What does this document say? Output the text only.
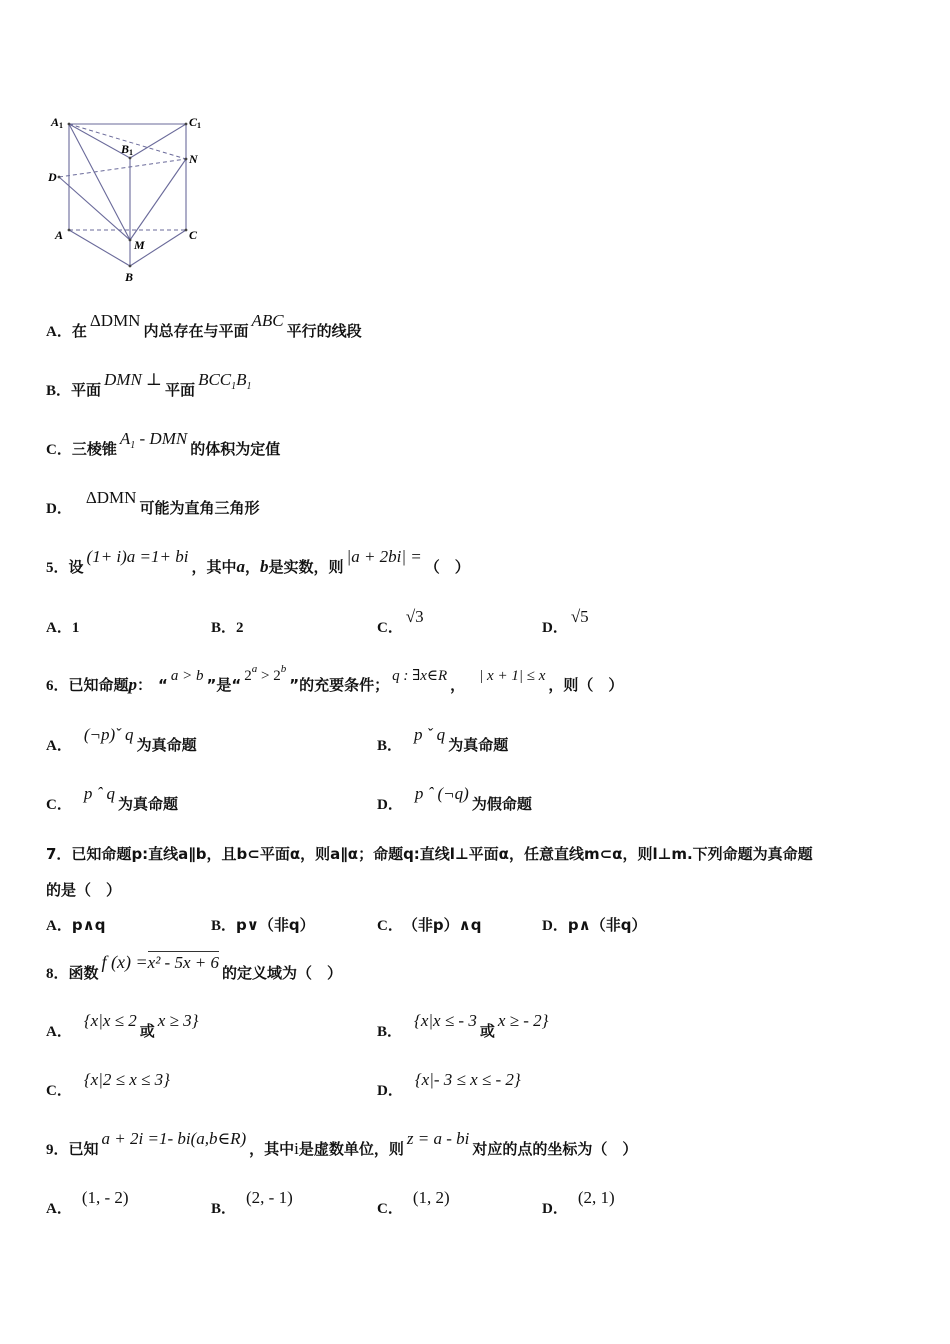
A1	C1
B1	N
D
A
M
C
B
A． 在
ΔDMN
内总存在与平面
ABC
平行的线段
B． 平面
DMN ⊥
平面
$BCC_1B_1$
C． 三棱锥
$A_1$ - DMN
的体积为定值
D．
ΔDMN
可能为直角三角形
5． 设
(1+ i)a =1+ bi
，其中 a ， b 是实数，则
|a + 2bi| =
（　）
A． 1	B． 2	C．
√3
D．
√5
6． 已知命题 p ： “ a > b ” 是 “ $2^a > 2^b$
” 的充要条件； q : ∃x∈R ， | x + 1| ≤ x ，则（　）
A．
(¬p)ˇ q
为真命题	B．
p ˇ q
为真命题
C．
p ˆ q
为真命题	D．
p ˆ (¬q)
为假命题
7．已知命题p:直线a∥b，且b⊂平面α，则a∥α；命题q:直线l⊥平面α，任意直线m⊂α，则l⊥m.下列命题为真命题
的是（　）
A． p∧q	B． p∨（非q）	C． （非p）∧q	D． p∧（非q）
8． 函数
f (x) = x² - 5x + 6
的定义域为（　）
A．
{x|x ≤ 2
或
x ≥ 3}
B．
{x|x ≤ - 3
或
x ≥ - 2}
C．
{x|2 ≤ x ≤ 3}
D．
{x|- 3 ≤ x ≤ - 2}
9． 已知
a + 2i =1- bi(a,b∈R)
，其中 i 是虚数单位，则
z = a - bi
对应的点的坐标为（　）
A．
(1, - 2)
B．
(2, - 1)
C．
(1, 2)
D．
(2, 1)
